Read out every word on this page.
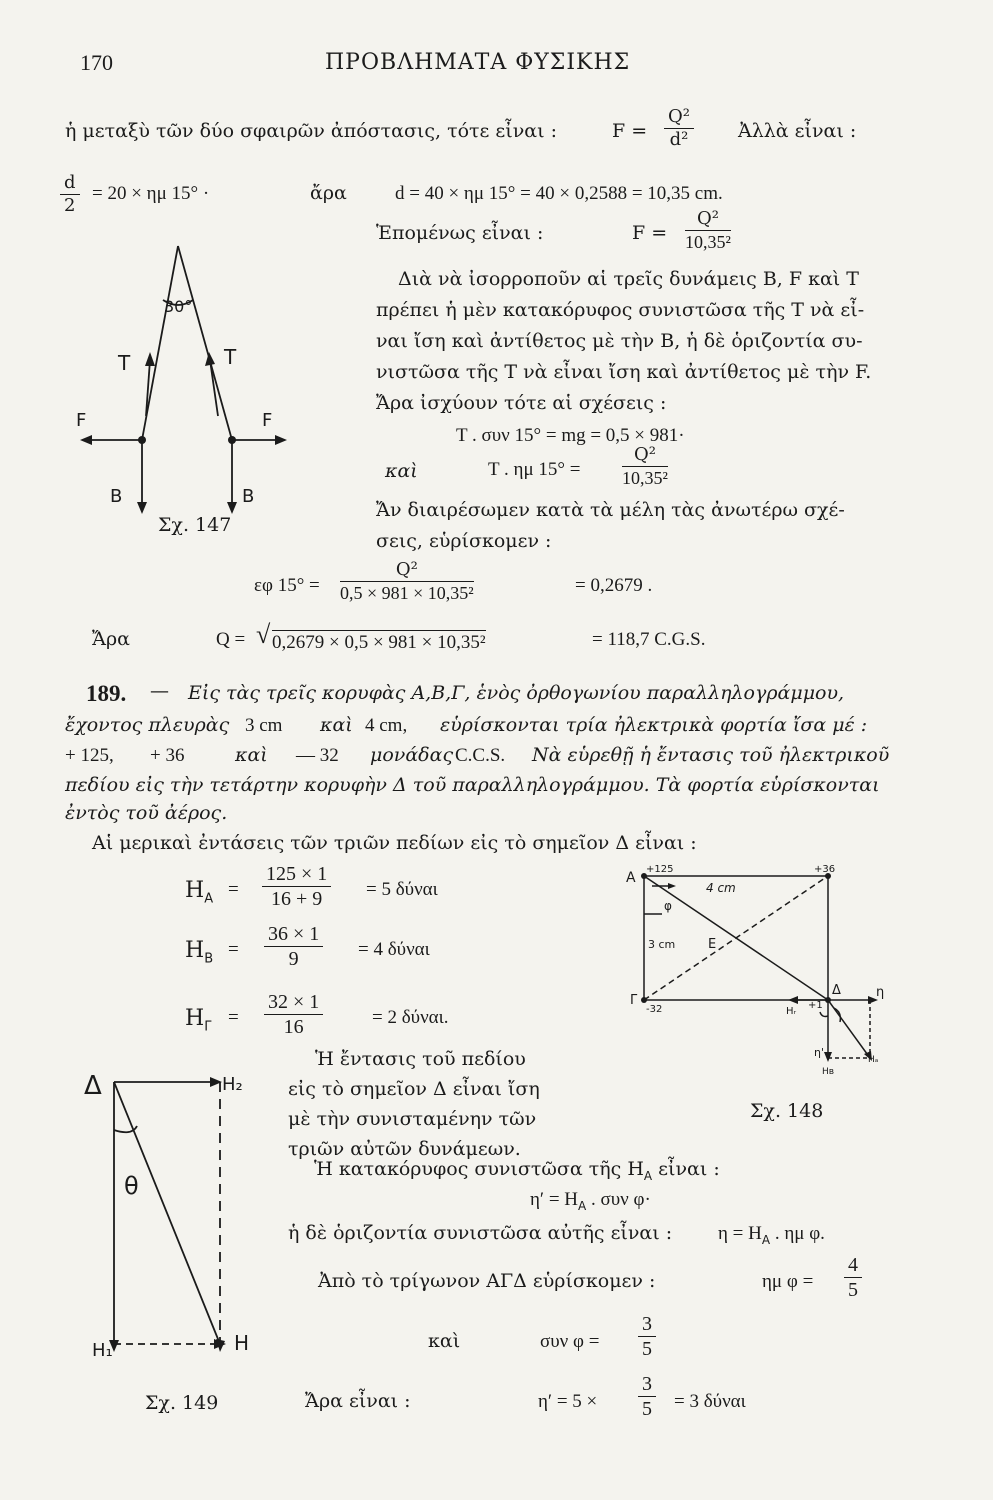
170	ΠΡΟΒΛΗΜΑΤΑ ΦΥΣΙΚΗΣ
ἡ μεταξὺ τῶν δύο σφαιρῶν ἀπόστασις, τότε εἶναι :	$F = \frac{\text{Q²}}{\text{d²}}$ Ἀλλὰ εἶναι :
$\frac{d}{2} = 20 \times \eta\mu$ 15° ·	ἄρα	d = 40 × ημ 15° = 40 × 0,2588 = 10,35 cm.
Ἑπομένως εἶναι :	$F = \frac{\text{Q²}}{\text{10,35²}}$
Διὰ νὰ ἰσορροποῦν αἱ τρεῖς δυνάμεις Β, F καὶ Τ
πρέπει ἡ μὲν κατακόρυφος συνιστῶσα τῆς Τ νὰ εἶ-
ναι ἴση καὶ ἀντίθετος μὲ τὴν Β, ἡ δὲ ὁριζοντία συ-
νιστῶσα τῆς Τ νὰ εἶναι ἴση καὶ ἀντίθετος μὲ τὴν F.
Ἄρα ἰσχύουν τότε αἱ σχέσεις :
T . συν 15° = mg = 0,5 × 981·
καὶ	T . ημ $15^\circ = \frac{\text{Q²}}{\text{10,35²}}$
Ἄν διαιρέσωμεν κατὰ τὰ μέλη τὰς ἀνωτέρω σχέ-
σεις, εὑρίσκομεν :
εφ $15^\circ = \frac{\text{Q²}}{\text{0,5 × 981 × 10,35²}}$	= 0,2679 .
Ἄρα	Q = √ 0,2679 × 0,5 × 981 × 10,35²	= 118,7 C.G.S.
30°
T	T
F	F
B	B
Σχ. 147
189. — Εἰς τὰς τρεῖς κορυφὰς Α,Β,Γ, ἑνὸς ὀρθογωνίου παραλληλογράμμου,
ἔχοντος πλευρὰς 3 cm καὶ 4 cm, εὑρίσκονται τρία ἠλεκτρικὰ φορτία ἴσα μέ :
+ 125, + 36	καὶ — 32 μονάδας C.C.S. Νὰ εὑρεθῇ ἡ ἔντασις τοῦ ἠλεκτρικοῦ
πεδίου εἰς τὴν τετάρτην κορυφὴν Δ τοῦ παραλληλογράμμου. Τὰ φορτία εὑρίσκονται
ἐντὸς τοῦ ἀέρος.
Αἱ μερικαὶ ἐντάσεις τῶν τριῶν πεδίων εἰς τὸ σημεῖον Δ εἶναι :
$H_A = \frac{125 \times 1}{16 + 9} = 5$ δύναι
$H_B = \frac{36 \times 1}{9} = 4$ δύναι
$H_\Gamma = \frac{32 \times 1}{16}$	= 2 δύναι.
Ἡ ἔντασις τοῦ πεδίου
εἰς τὸ σημεῖον Δ εἶναι ἴση
μὲ τὴν συνισταμένην τῶν
τριῶν αὐτῶν δυνάμεων.
Ἡ κατακόρυφος συνιστῶσα τῆς $H_A$ εἶναι :
$\eta' = H_A$ . συν φ·
ἡ δὲ ὁριζοντία συνιστῶσα αὐτῆς εἶναι : $\eta = H_A$ . ημ φ.
Ἀπὸ τὸ τρίγωνον ΑΓΔ εὑρίσκομεν :	ημ $\varphi = \frac{4}{5}$
καὶ	συν $\varphi = \frac{3}{5}$
Ἄρα εἶναι :	$\eta' = 5 \times \frac{3}{5} = 3$ δύναι
A
+125	+36
4 cm
φ
3 cm	E
Γ
-32
Δ	η
Hᵣ
+1
η'
Hв
Hₐ
Σχ. 148
Δ	H₂
θ
H₁	H
Σχ. 149
